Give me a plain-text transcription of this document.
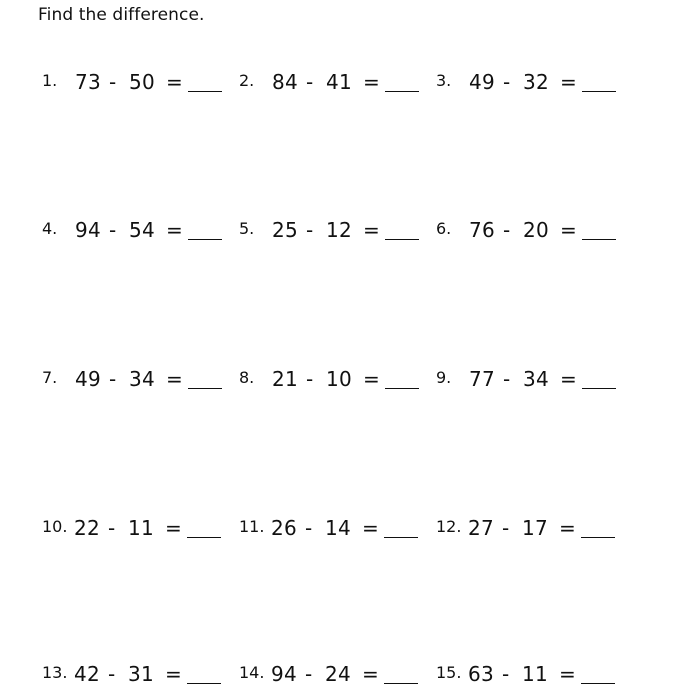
Find the difference.
1. 73 - 50 =	2. 84 - 41 =	3. 49 - 32 =
4. 94 - 54 =	5. 25 - 12 =	6. 76 - 20 =
7. 49 - 34 =	8. 21 - 10 =	9. 77 - 34 =
10. 22 - 11 =	11. 26 - 14 =	12. 27 - 17 =
13. 42 - 31 =	14. 94 - 24 =	15. 63 - 11 =
